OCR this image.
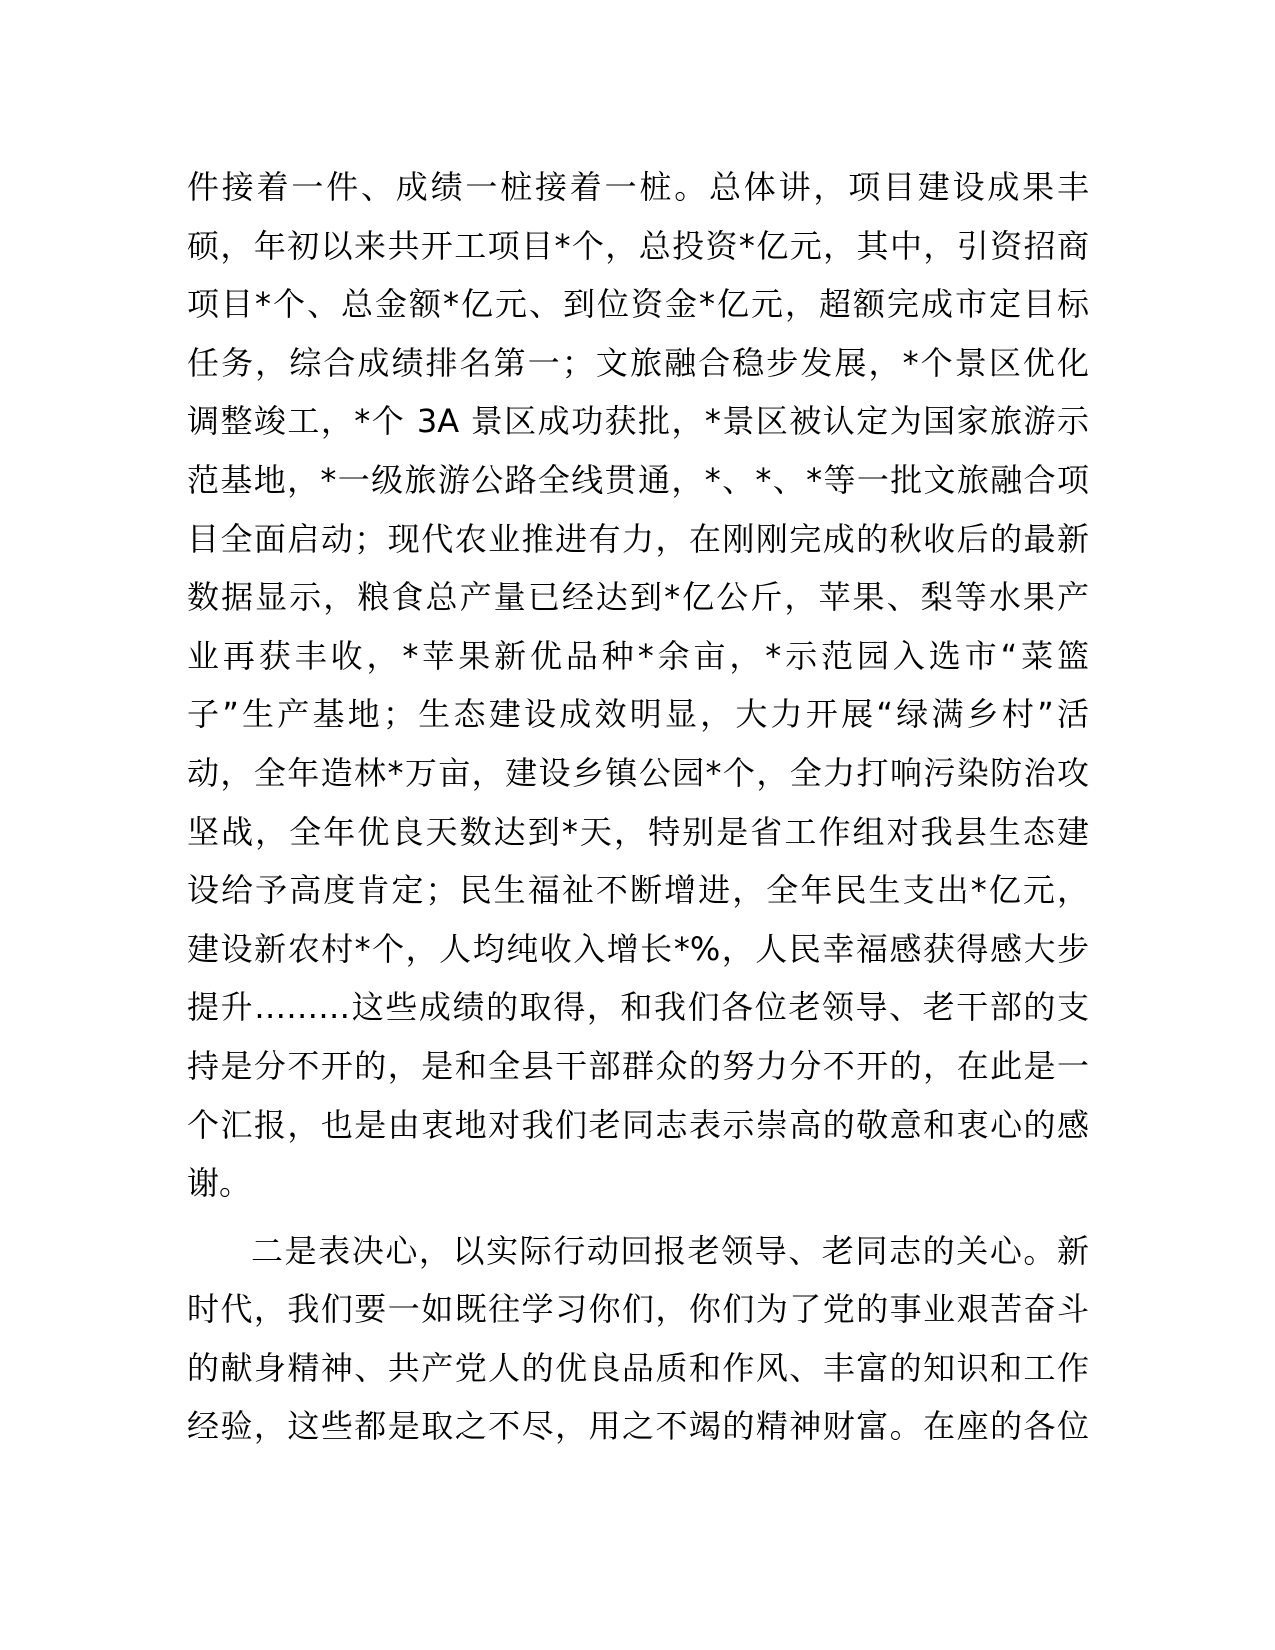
件接着一件、成绩一桩接着一桩。总体讲，项目建设成果丰
硕，年初以来共开工项目*个，总投资*亿元，其中，引资招商
项目*个、总金额*亿元、到位资金*亿元，超额完成市定目标
任务，综合成绩排名第一；文旅融合稳步发展，*个景区优化
调整竣工，*个 3A 景区成功获批，*景区被认定为国家旅游示
范基地，*一级旅游公路全线贯通，*、*、*等一批文旅融合项
目全面启动；现代农业推进有力，在刚刚完成的秋收后的最新
数据显示，粮食总产量已经达到*亿公斤，苹果、梨等水果产
业再获丰收，*苹果新优品种*余亩，*示范园入选市“菜篮
子”生产基地；生态建设成效明显，大力开展“绿满乡村”活
动，全年造林*万亩，建设乡镇公园*个，全力打响污染防治攻
坚战，全年优良天数达到*天，特别是省工作组对我县生态建
设给予高度肯定；民生福祉不断增进，全年民生支出*亿元，
建设新农村*个，人均纯收入增长*%，人民幸福感获得感大步
提升………这些成绩的取得，和我们各位老领导、老干部的支
持是分不开的，是和全县干部群众的努力分不开的，在此是一
个汇报，也是由衷地对我们老同志表示崇高的敬意和衷心的感
谢。
二是表决心，以实际行动回报老领导、老同志的关心。新
时代，我们要一如既往学习你们，你们为了党的事业艰苦奋斗
的献身精神、共产党人的优良品质和作风、丰富的知识和工作
经验，这些都是取之不尽，用之不竭的精神财富。在座的各位
